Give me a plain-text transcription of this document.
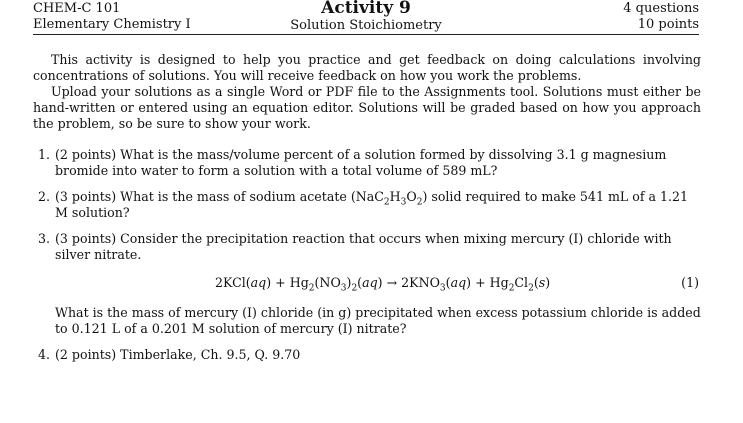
CHEM-C 101
Elementary Chemistry I
Activity 9
Solution Stoichiometry
4 questions
10 points

This activity is designed to help you practice and get feedback on doing calculations involving concentrations of solutions. You will receive feedback on how you work the problems.

Upload your solutions as a single Word or PDF file to the Assignments tool. Solutions must either be hand-written or entered using an equation editor. Solutions will be graded based on how you approach the problem, so be sure to show your work.

1. (2 points) What is the mass/volume percent of a solution formed by dissolving 3.1 g magnesium bromide into water to form a solution with a total volume of 589 mL?
2. (3 points) What is the mass of sodium acetate $(NaC_2H_3O_2)$ solid required to make 541 mL of a 1.21 M solution?
3. (3 points) Consider the precipitation reaction that occurs when mixing mercury (I) chloride with silver nitrate.
$2KCl(aq) + Hg_2(NO_3)_2(aq) \to 2KNO_3(aq) + Hg_2Cl_2(s)$	(1)
What is the mass of mercury (I) chloride (in g) precipitated when excess potassium chloride is added to 0.121 L of a 0.201 M solution of mercury (I) nitrate?
4. (2 points) Timberlake, Ch. 9.5, Q. 9.70
